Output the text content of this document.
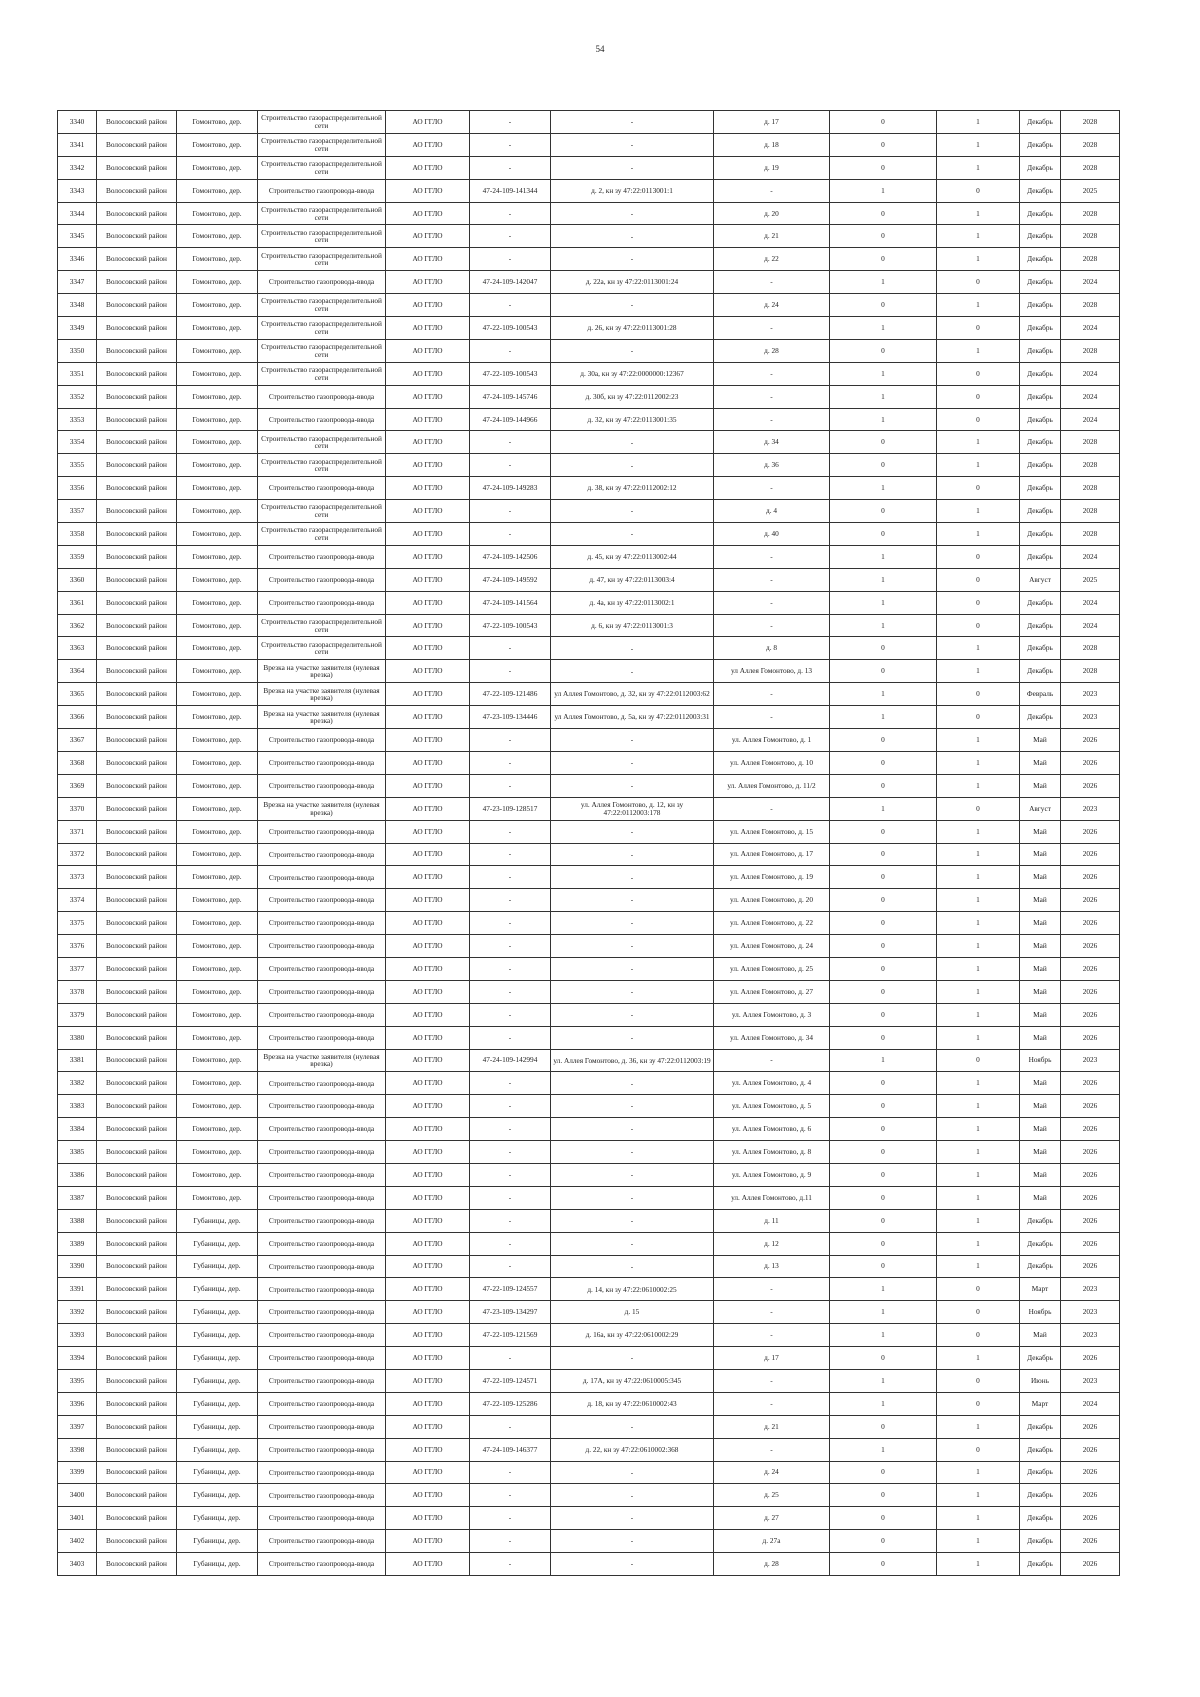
54
3340	Волосовский район	Гомонтово, дер.	Строительство газораспределительной сети	АО ГГЛО	-	-	д. 17	0	1	Декабрь	2028
3341	Волосовский район	Гомонтово, дер.	Строительство газораспределительной сети	АО ГГЛО	-	-	д. 18	0	1	Декабрь	2028
3342	Волосовский район	Гомонтово, дер.	Строительство газораспределительной сети	АО ГГЛО	-	-	д. 19	0	1	Декабрь	2028
3343	Волосовский район	Гомонтово, дер.	Строительство газопровода-ввода	АО ГГЛО	47-24-109-141344	д. 2, кн зу 47:22:0113001:1	-	1	0	Декабрь	2025
3344	Волосовский район	Гомонтово, дер.	Строительство газораспределительной сети	АО ГГЛО	-	-	д. 20	0	1	Декабрь	2028
3345	Волосовский район	Гомонтово, дер.	Строительство газораспределительной сети	АО ГГЛО	-	-	д. 21	0	1	Декабрь	2028
3346	Волосовский район	Гомонтово, дер.	Строительство газораспределительной сети	АО ГГЛО	-	-	д. 22	0	1	Декабрь	2028
3347	Волосовский район	Гомонтово, дер.	Строительство газопровода-ввода	АО ГГЛО	47-24-109-142047	д. 22а, кн зу 47:22:0113001:24	-	1	0	Декабрь	2024
3348	Волосовский район	Гомонтово, дер.	Строительство газораспределительной сети	АО ГГЛО	-	-	д. 24	0	1	Декабрь	2028
3349	Волосовский район	Гомонтово, дер.	Строительство газораспределительной сети	АО ГГЛО	47-22-109-100543	д. 26, кн зу 47:22:0113001:28	-	1	0	Декабрь	2024
3350	Волосовский район	Гомонтово, дер.	Строительство газораспределительной сети	АО ГГЛО	-	-	д. 28	0	1	Декабрь	2028
3351	Волосовский район	Гомонтово, дер.	Строительство газораспределительной сети	АО ГГЛО	47-22-109-100543	д. 30а, кн зу 47:22:0000000:12367	-	1	0	Декабрь	2024
3352	Волосовский район	Гомонтово, дер.	Строительство газопровода-ввода	АО ГГЛО	47-24-109-145746	д. 30б, кн зу 47:22:0112002:23	-	1	0	Декабрь	2024
3353	Волосовский район	Гомонтово, дер.	Строительство газопровода-ввода	АО ГГЛО	47-24-109-144966	д. 32, кн зу 47:22:0113001:35	-	1	0	Декабрь	2024
3354	Волосовский район	Гомонтово, дер.	Строительство газораспределительной сети	АО ГГЛО	-	-	д. 34	0	1	Декабрь	2028
3355	Волосовский район	Гомонтово, дер.	Строительство газораспределительной сети	АО ГГЛО	-	-	д. 36	0	1	Декабрь	2028
3356	Волосовский район	Гомонтово, дер.	Строительство газопровода-ввода	АО ГГЛО	47-24-109-149283	д. 38, кн зу 47:22:0112002:12	-	1	0	Декабрь	2028
3357	Волосовский район	Гомонтово, дер.	Строительство газораспределительной сети	АО ГГЛО	-	-	д. 4	0	1	Декабрь	2028
3358	Волосовский район	Гомонтово, дер.	Строительство газораспределительной сети	АО ГГЛО	-	-	д. 40	0	1	Декабрь	2028
3359	Волосовский район	Гомонтово, дер.	Строительство газопровода-ввода	АО ГГЛО	47-24-109-142506	д. 45, кн зу 47:22:0113002:44	-	1	0	Декабрь	2024
3360	Волосовский район	Гомонтово, дер.	Строительство газопровода-ввода	АО ГГЛО	47-24-109-149592	д. 47, кн зу 47:22:0113003:4	-	1	0	Август	2025
3361	Волосовский район	Гомонтово, дер.	Строительство газопровода-ввода	АО ГГЛО	47-24-109-141564	д. 4а, кн зу 47:22:0113002:1	-	1	0	Декабрь	2024
3362	Волосовский район	Гомонтово, дер.	Строительство газораспределительной сети	АО ГГЛО	47-22-109-100543	д. 6, кн зу 47:22:0113001:3	-	1	0	Декабрь	2024
3363	Волосовский район	Гомонтово, дер.	Строительство газораспределительной сети	АО ГГЛО	-	-	д. 8	0	1	Декабрь	2028
3364	Волосовский район	Гомонтово, дер.	Врезка на участке заявителя (нулевая врезка)	АО ГГЛО	-	-	ул Аллея Гомонтово, д. 13	0	1	Декабрь	2028
3365	Волосовский район	Гомонтово, дер.	Врезка на участке заявителя (нулевая врезка)	АО ГГЛО	47-22-109-121486	ул Аллея Гомонтово, д. 32, кн зу 47:22:0112003:62	-	1	0	Февраль	2023
3366	Волосовский район	Гомонтово, дер.	Врезка на участке заявителя (нулевая врезка)	АО ГГЛО	47-23-109-134446	ул Аллея Гомонтово, д. 5а, кн зу 47:22:0112003:31	-	1	0	Декабрь	2023
3367	Волосовский район	Гомонтово, дер.	Строительство газопровода-ввода	АО ГГЛО	-	-	ул. Аллея Гомонтово, д. 1	0	1	Май	2026
3368	Волосовский район	Гомонтово, дер.	Строительство газопровода-ввода	АО ГГЛО	-	-	ул. Аллея Гомонтово, д. 10	0	1	Май	2026
3369	Волосовский район	Гомонтово, дер.	Строительство газопровода-ввода	АО ГГЛО	-	-	ул. Аллея Гомонтово, д. 11/2	0	1	Май	2026
3370	Волосовский район	Гомонтово, дер.	Врезка на участке заявителя (нулевая врезка)	АО ГГЛО	47-23-109-128517	ул. Аллея Гомонтово, д. 12, кн зу 47:22:0112003:178	-	1	0	Август	2023
3371	Волосовский район	Гомонтово, дер.	Строительство газопровода-ввода	АО ГГЛО	-	-	ул. Аллея Гомонтово, д. 15	0	1	Май	2026
3372	Волосовский район	Гомонтово, дер.	Строительство газопровода-ввода	АО ГГЛО	-	-	ул. Аллея Гомонтово, д. 17	0	1	Май	2026
3373	Волосовский район	Гомонтово, дер.	Строительство газопровода-ввода	АО ГГЛО	-	-	ул. Аллея Гомонтово, д. 19	0	1	Май	2026
3374	Волосовский район	Гомонтово, дер.	Строительство газопровода-ввода	АО ГГЛО	-	-	ул. Аллея Гомонтово, д. 20	0	1	Май	2026
3375	Волосовский район	Гомонтово, дер.	Строительство газопровода-ввода	АО ГГЛО	-	-	ул. Аллея Гомонтово, д. 22	0	1	Май	2026
3376	Волосовский район	Гомонтово, дер.	Строительство газопровода-ввода	АО ГГЛО	-	-	ул. Аллея Гомонтово, д. 24	0	1	Май	2026
3377	Волосовский район	Гомонтово, дер.	Строительство газопровода-ввода	АО ГГЛО	-	-	ул. Аллея Гомонтово, д. 25	0	1	Май	2026
3378	Волосовский район	Гомонтово, дер.	Строительство газопровода-ввода	АО ГГЛО	-	-	ул. Аллея Гомонтово, д. 27	0	1	Май	2026
3379	Волосовский район	Гомонтово, дер.	Строительство газопровода-ввода	АО ГГЛО	-	-	ул. Аллея Гомонтово, д. 3	0	1	Май	2026
3380	Волосовский район	Гомонтово, дер.	Строительство газопровода-ввода	АО ГГЛО	-	-	ул. Аллея Гомонтово, д. 34	0	1	Май	2026
3381	Волосовский район	Гомонтово, дер.	Врезка на участке заявителя (нулевая врезка)	АО ГГЛО	47-24-109-142994	ул. Аллея Гомонтово, д. 36, кн зу 47:22:0112003:19	-	1	0	Ноябрь	2023
3382	Волосовский район	Гомонтово, дер.	Строительство газопровода-ввода	АО ГГЛО	-	-	ул. Аллея Гомонтово, д. 4	0	1	Май	2026
3383	Волосовский район	Гомонтово, дер.	Строительство газопровода-ввода	АО ГГЛО	-	-	ул. Аллея Гомонтово, д. 5	0	1	Май	2026
3384	Волосовский район	Гомонтово, дер.	Строительство газопровода-ввода	АО ГГЛО	-	-	ул. Аллея Гомонтово, д. 6	0	1	Май	2026
3385	Волосовский район	Гомонтово, дер.	Строительство газопровода-ввода	АО ГГЛО	-	-	ул. Аллея Гомонтово, д. 8	0	1	Май	2026
3386	Волосовский район	Гомонтово, дер.	Строительство газопровода-ввода	АО ГГЛО	-	-	ул. Аллея Гомонтово, д. 9	0	1	Май	2026
3387	Волосовский район	Гомонтово, дер.	Строительство газопровода-ввода	АО ГГЛО	-	-	ул. Аллея Гомонтово, д.11	0	1	Май	2026
3388	Волосовский район	Губаницы, дер.	Строительство газопровода-ввода	АО ГГЛО	-	-	д. 11	0	1	Декабрь	2026
3389	Волосовский район	Губаницы, дер.	Строительство газопровода-ввода	АО ГГЛО	-	-	д. 12	0	1	Декабрь	2026
3390	Волосовский район	Губаницы, дер.	Строительство газопровода-ввода	АО ГГЛО	-	-	д. 13	0	1	Декабрь	2026
3391	Волосовский район	Губаницы, дер.	Строительство газопровода-ввода	АО ГГЛО	47-22-109-124557	д. 14, кн зу 47:22:0610002:25	-	1	0	Март	2023
3392	Волосовский район	Губаницы, дер.	Строительство газопровода-ввода	АО ГГЛО	47-23-109-134297	д. 15	-	1	0	Ноябрь	2023
3393	Волосовский район	Губаницы, дер.	Строительство газопровода-ввода	АО ГГЛО	47-22-109-121569	д. 16а, кн зу 47:22:0610002:29	-	1	0	Май	2023
3394	Волосовский район	Губаницы, дер.	Строительство газопровода-ввода	АО ГГЛО	-	-	д. 17	0	1	Декабрь	2026
3395	Волосовский район	Губаницы, дер.	Строительство газопровода-ввода	АО ГГЛО	47-22-109-124571	д. 17А, кн зу 47:22:0610005:345	-	1	0	Июнь	2023
3396	Волосовский район	Губаницы, дер.	Строительство газопровода-ввода	АО ГГЛО	47-22-109-125286	д. 18, кн зу 47:22:0610002:43	-	1	0	Март	2024
3397	Волосовский район	Губаницы, дер.	Строительство газопровода-ввода	АО ГГЛО	-	-	д. 21	0	1	Декабрь	2026
3398	Волосовский район	Губаницы, дер.	Строительство газопровода-ввода	АО ГГЛО	47-24-109-146377	д. 22, кн зу 47:22:0610002:368	-	1	0	Декабрь	2026
3399	Волосовский район	Губаницы, дер.	Строительство газопровода-ввода	АО ГГЛО	-	-	д. 24	0	1	Декабрь	2026
3400	Волосовский район	Губаницы, дер.	Строительство газопровода-ввода	АО ГГЛО	-	-	д. 25	0	1	Декабрь	2026
3401	Волосовский район	Губаницы, дер.	Строительство газопровода-ввода	АО ГГЛО	-	-	д. 27	0	1	Декабрь	2026
3402	Волосовский район	Губаницы, дер.	Строительство газопровода-ввода	АО ГГЛО	-	-	д. 27а	0	1	Декабрь	2026
3403	Волосовский район	Губаницы, дер.	Строительство газопровода-ввода	АО ГГЛО	-	-	д. 28	0	1	Декабрь	2026
